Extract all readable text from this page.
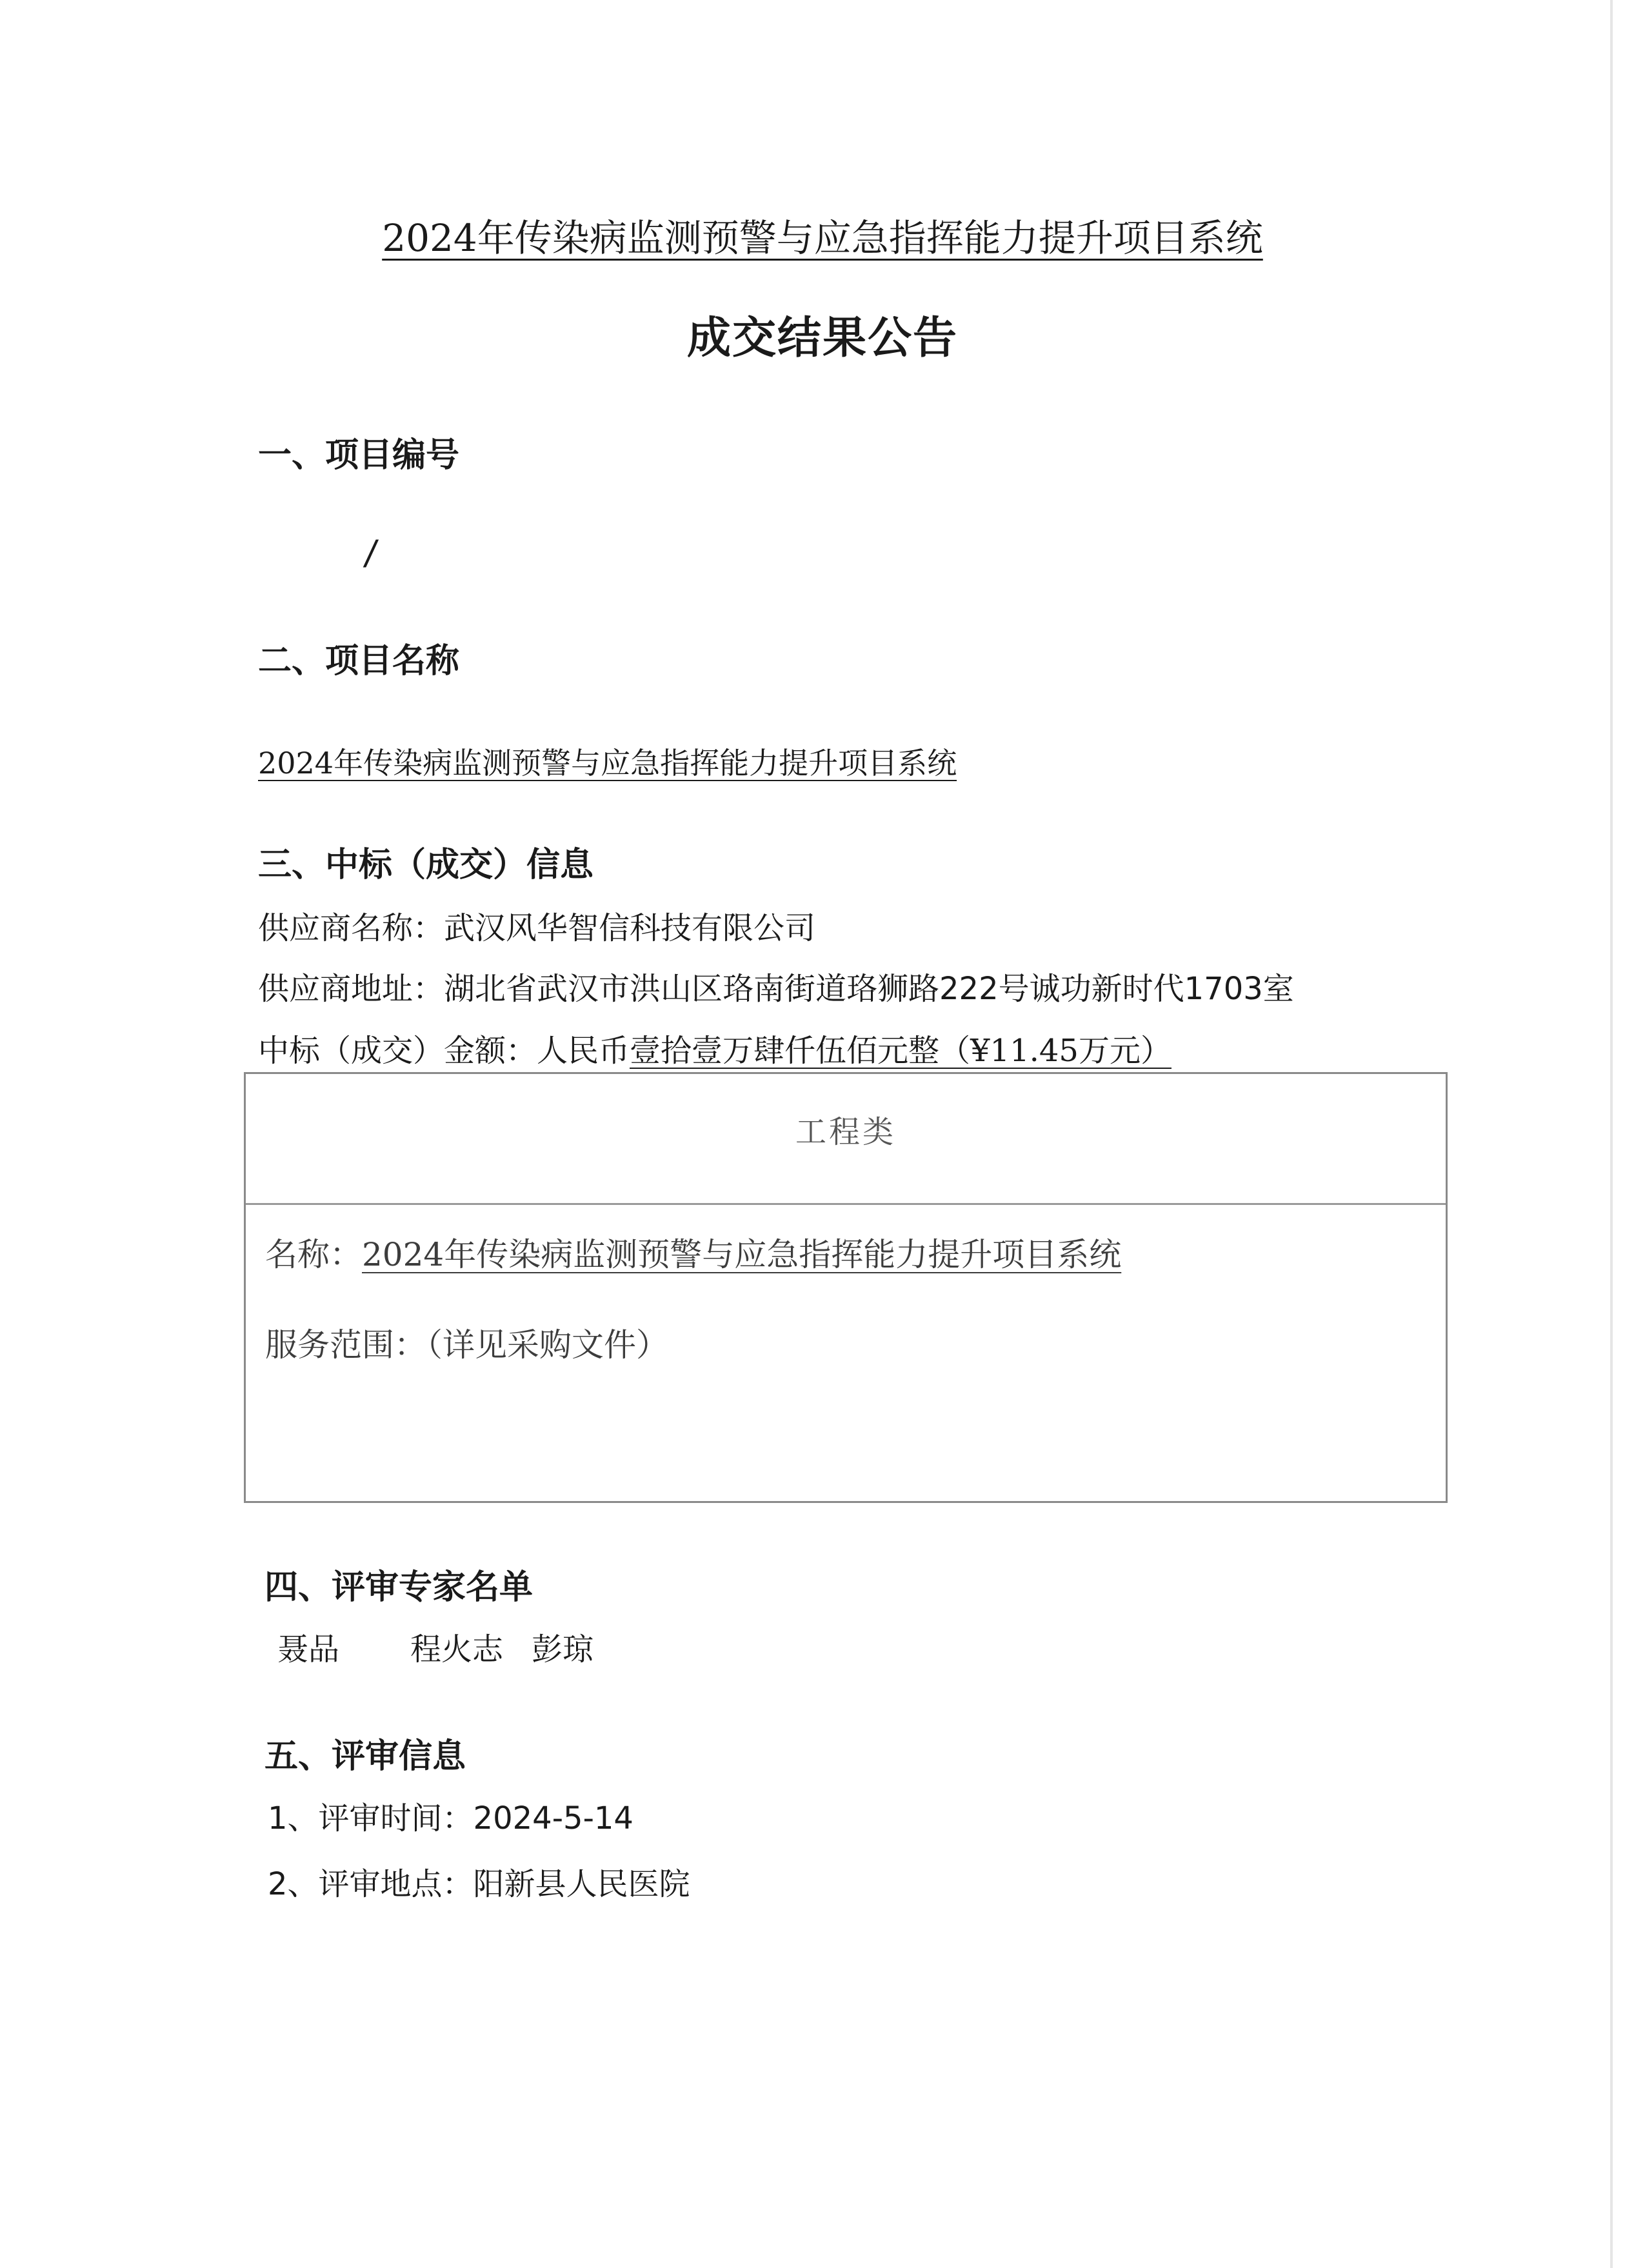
2024年传染病监测预警与应急指挥能力提升项目系统
成交结果公告
一、项目编号
/
二、项目名称
2024年传染病监测预警与应急指挥能力提升项目系统
三、中标（成交）信息
供应商名称：武汉风华智信科技有限公司
供应商地址：湖北省武汉市洪山区珞南街道珞狮路222号诚功新时代1703室
中标（成交）金额：人民币壹拾壹万肆仟伍佰元整（¥11.45万元）
工程类
名称：2024年传染病监测预警与应急指挥能力提升项目系统
服务范围：（详见采购文件）
四、评审专家名单
聂品 程火志 彭琼
五、评审信息
1、评审时间：2024-5-14
2、评审地点：阳新县人民医院
